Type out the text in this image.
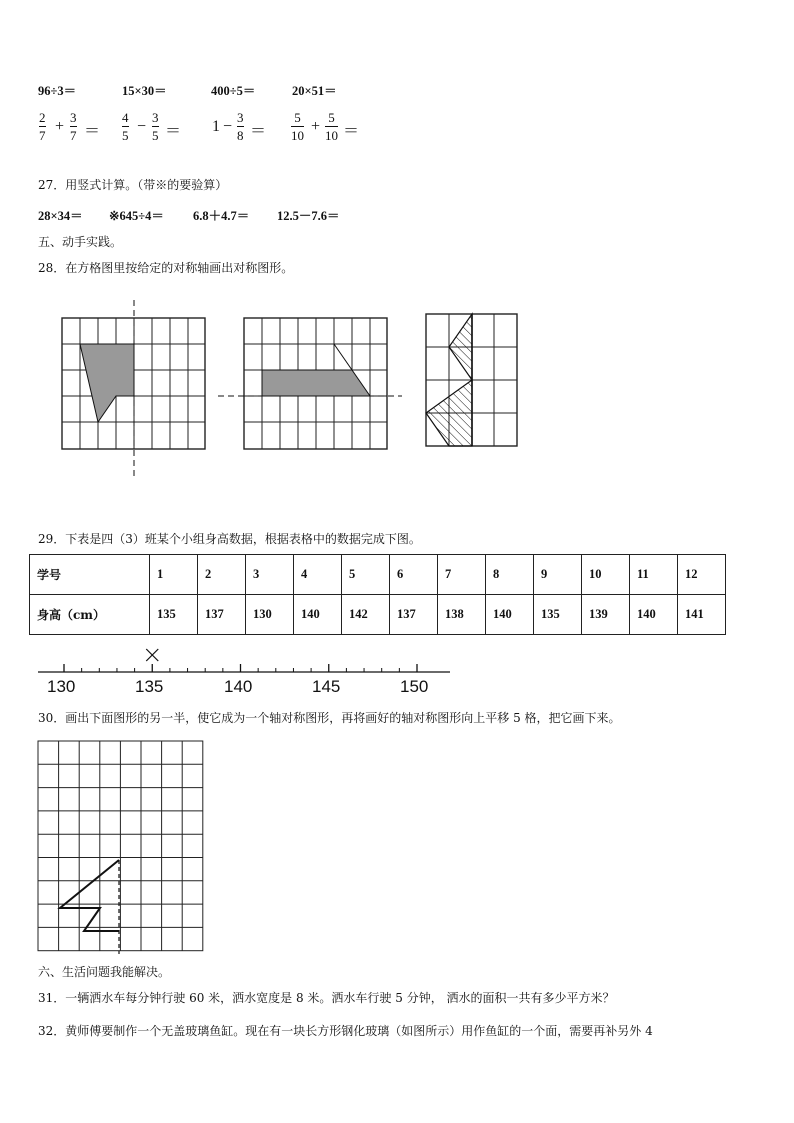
96÷3＝	15×30＝	400÷5＝	20×51＝
2
7
+
3
7 ＝
4
5
−
3
5 ＝ 1 −
3
8 ＝
5
10
+
5
10 ＝
27．用竖式计算。（带※的要验算）
28×34＝ ※645÷4＝ 6.8＋4.7＝ 12.5－7.6＝
五、动手实践。
28．在方格图里按给定的对称轴画出对称图形。
29．下表是四（3）班某个小组身高数据，根据表格中的数据完成下图。
学号	1	2	3	4	5	6	7	8	9	10	11	12
身高（cm）	135	137	130	140	142	137	138	140	135	139	140	141
130	135	140	145	150
30．画出下面图形的另一半，使它成为一个轴对称图形，再将画好的轴对称图形向上平移 5 格，把它画下来。
六、生活问题我能解决。
31．一辆洒水车每分钟行驶 60 米，洒水宽度是 8 米。洒水车行驶 5 分钟， 洒水的面积一共有多少平方米？
32．黄师傅要制作一个无盖玻璃鱼缸。现在有一块长方形钢化玻璃（如图所示）用作鱼缸的一个面，需要再补另外 4
